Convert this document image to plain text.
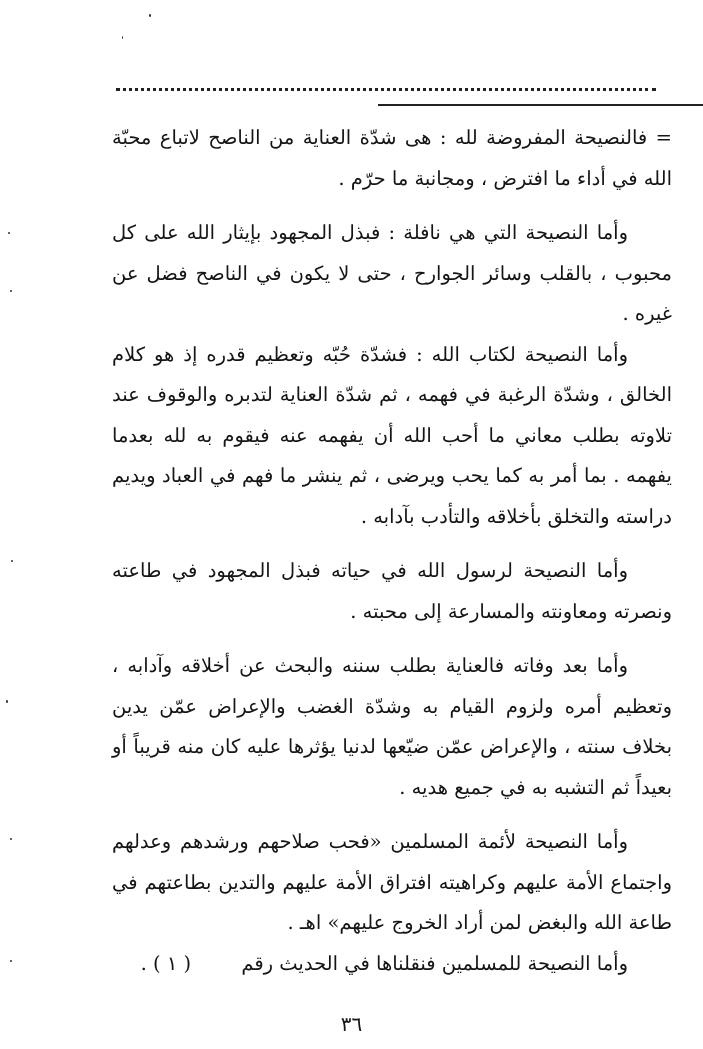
= فالنصيحة المفروضة لله : هى شدّة العناية من الناصح لاتباع محبّة الله في أداء ما افترض ، ومجانبة ما حرّم .

وأما النصيحة التي هي نافلة : فبذل المجهود بإيثار الله على كل محبوب ، بالقلب وسائر الجوارح ، حتى لا يكون في الناصح فضل عن غيره .

وأما النصيحة لكتاب الله : فشدّة حُبّه وتعظيم قدره إذ هو كلام الخالق ، وشدّة الرغبة في فهمه ، ثم شدّة العناية لتدبره والوقوف عند تلاوته بطلب معاني ما أحب الله أن يفهمه عنه فيقوم به لله بعدما يفهمه . بما أمر به كما يحب ويرضى ، ثم ينشر ما فهم في العباد ويديم دراسته والتخلق بأخلاقه والتأدب بآدابه .

وأما النصيحة لرسول الله في حياته فبذل المجهود في طاعته ونصرته ومعاونته والمسارعة إلى محبته .

وأما بعد وفاته فالعناية بطلب سننه والبحث عن أخلاقه وآدابه ، وتعظيم أمره ولزوم القيام به وشدّة الغضب والإعراض عمّن يدين بخلاف سنته ، والإعراض عمّن ضيّعها لدنيا يؤثرها عليه كان منه قريباً أو بعيداً ثم التشبه به في جميع هديه .

وأما النصيحة لأئمة المسلمين «فحب صلاحهم ورشدهم وعدلهم واجتماع الأمة عليهم وكراهيته افتراق الأمة عليهم والتدين بطاعتهم في طاعة الله والبغض لمن أراد الخروج عليهم» اهـ .

وأما النصيحة للمسلمين فنقلناها في الحديث رقم ( ١ ) .

٣٦
